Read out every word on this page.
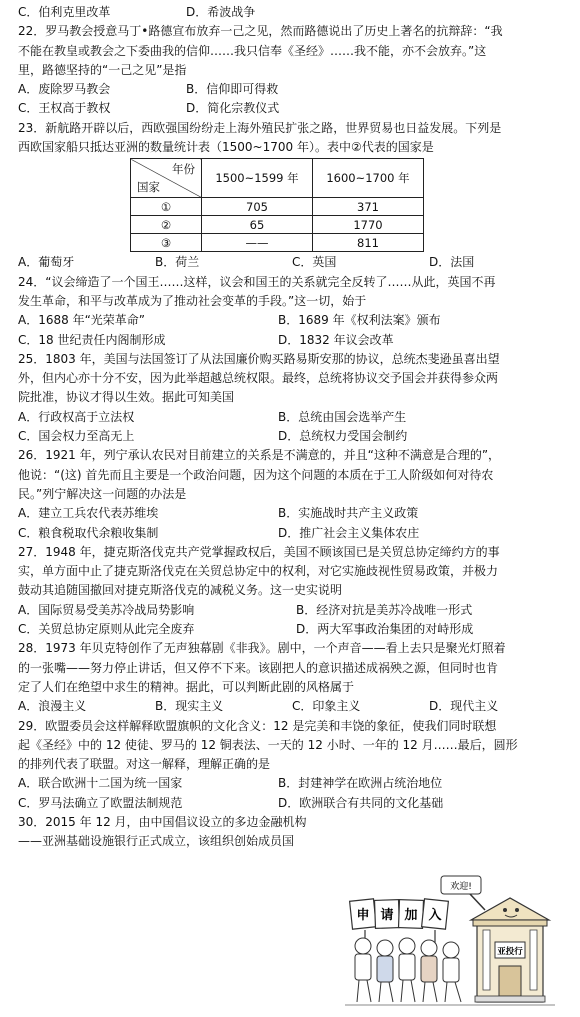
C．伯利克里改革	D．希波战争
22．罗马教会授意马丁•路德宣布放弃一己之见，然而路德说出了历史上著名的抗辩辞：“我
不能在教皇或教会之下委曲我的信仰……我只信奉《圣经》……我不能，亦不会放弃。”这
里，路德坚持的“一己之见”是指
A．废除罗马教会	B．信仰即可得救
C．王权高于教权	D．简化宗教仪式
23．新航路开辟以后，西欧强国纷纷走上海外殖民扩张之路，世界贸易也日益发展。下列是
西欧国家船只抵达亚洲的数量统计表（1500~1700 年）。表中②代表的国家是
年份
国家	1500~1599 年	1600~1700 年
①	705	371
②	65	1770
③	——	811
A．葡萄牙	B．荷兰	C．英国	D．法国
24．“议会缔造了一个国王……这样，议会和国王的关系就完全反转了……从此，英国不再
发生革命，和平与改革成为了推动社会变革的手段。”这一切，始于
A．1688 年“光荣革命”	B．1689 年《权利法案》颁布
C．18 世纪责任内阁制形成	D．1832 年议会改革
25．1803 年，美国与法国签订了从法国廉价购买路易斯安那的协议，总统杰斐逊虽喜出望
外，但内心亦十分不安，因为此举超越总统权限。最终，总统将协议交予国会并获得参众两
院批准，协议才得以生效。据此可知美国
A．行政权高于立法权	B．总统由国会选举产生
C．国会权力至高无上	D．总统权力受国会制约
26．1921 年，列宁承认农民对目前建立的关系是不满意的，并且“这种不满意是合理的”，
他说：“(这) 首先而且主要是一个政治问题，因为这个问题的本质在于工人阶级如何对待农
民。”列宁解决这一问题的办法是
A．建立工兵农代表苏维埃	B．实施战时共产主义政策
C．粮食税取代余粮收集制	D．推广社会主义集体农庄
27．1948 年，捷克斯洛伐克共产党掌握政权后，美国不顾该国已是关贸总协定缔约方的事
实，单方面中止了捷克斯洛伐克在关贸总协定中的权利，对它实施歧视性贸易政策，并极力
鼓动其追随国撤回对捷克斯洛伐克的减税义务。这一史实说明
A．国际贸易受美苏冷战局势影响	B．经济对抗是美苏冷战唯一形式
C．关贸总协定原则从此完全废弃	D．两大军事政治集团的对峙形成
28．1973 年贝克特创作了无声独幕剧《非我》。剧中，一个声音——看上去只是聚光灯照着
的一张嘴——努力停止讲话，但又停不下来。该剧把人的意识描述成祸殃之源，但同时也肯
定了人们在绝望中求生的精神。据此，可以判断此剧的风格属于
A．浪漫主义	B．现实主义	C．印象主义	D．现代主义
29．欧盟委员会这样解释欧盟旗帜的文化含义：12 是完美和丰饶的象征，使我们同时联想
起《圣经》中的 12 使徒、罗马的 12 铜表法、一天的 12 小时、一年的 12 月……最后，圆形
的排列代表了联盟。对这一解释，理解正确的是
A．联合欧洲十二国为统一国家	B．封建神学在欧洲占统治地位
C．罗马法确立了欧盟法制规范	D．欧洲联合有共同的文化基础
30．2015 年 12 月，由中国倡议设立的多边金融机构
——亚洲基础设施银行正式成立，该组织创始成员国
欢迎!
亚投行
申 请 加 入
